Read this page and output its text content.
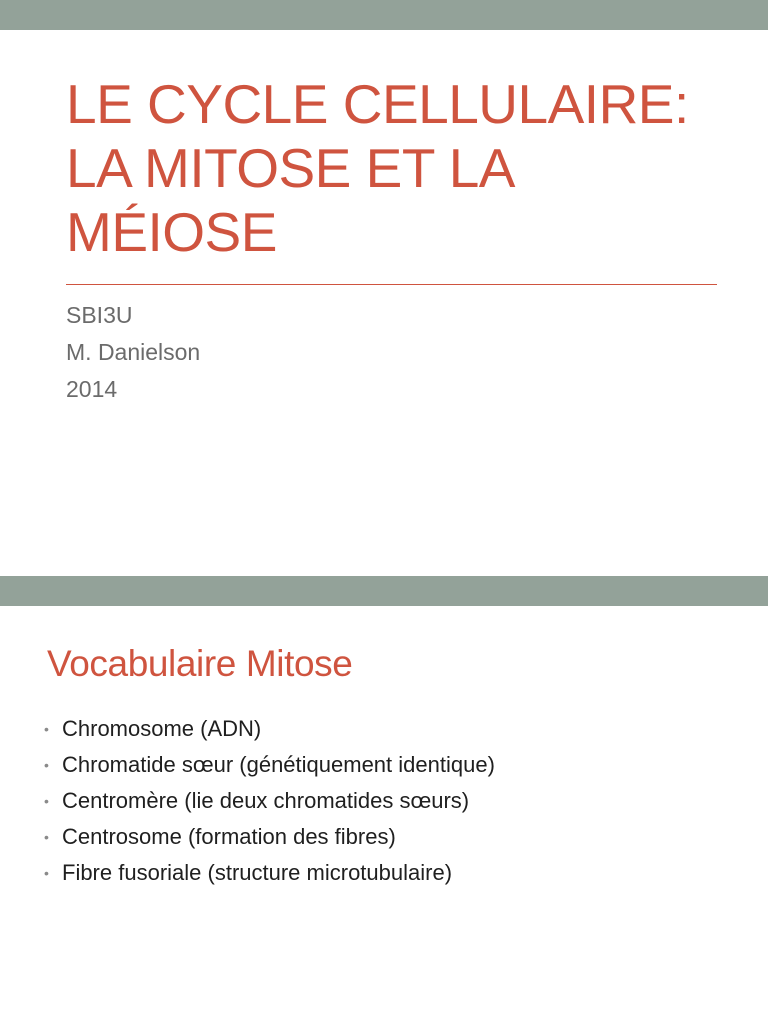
LE CYCLE CELLULAIRE:
LA MITOSE ET LA
MÉIOSE
SBI3U
M. Danielson
2014
Vocabulaire Mitose
• Chromosome (ADN)
• Chromatide sœur (génétiquement identique)
• Centromère (lie deux chromatides sœurs)
• Centrosome (formation des fibres)
• Fibre fusoriale (structure microtubulaire)
